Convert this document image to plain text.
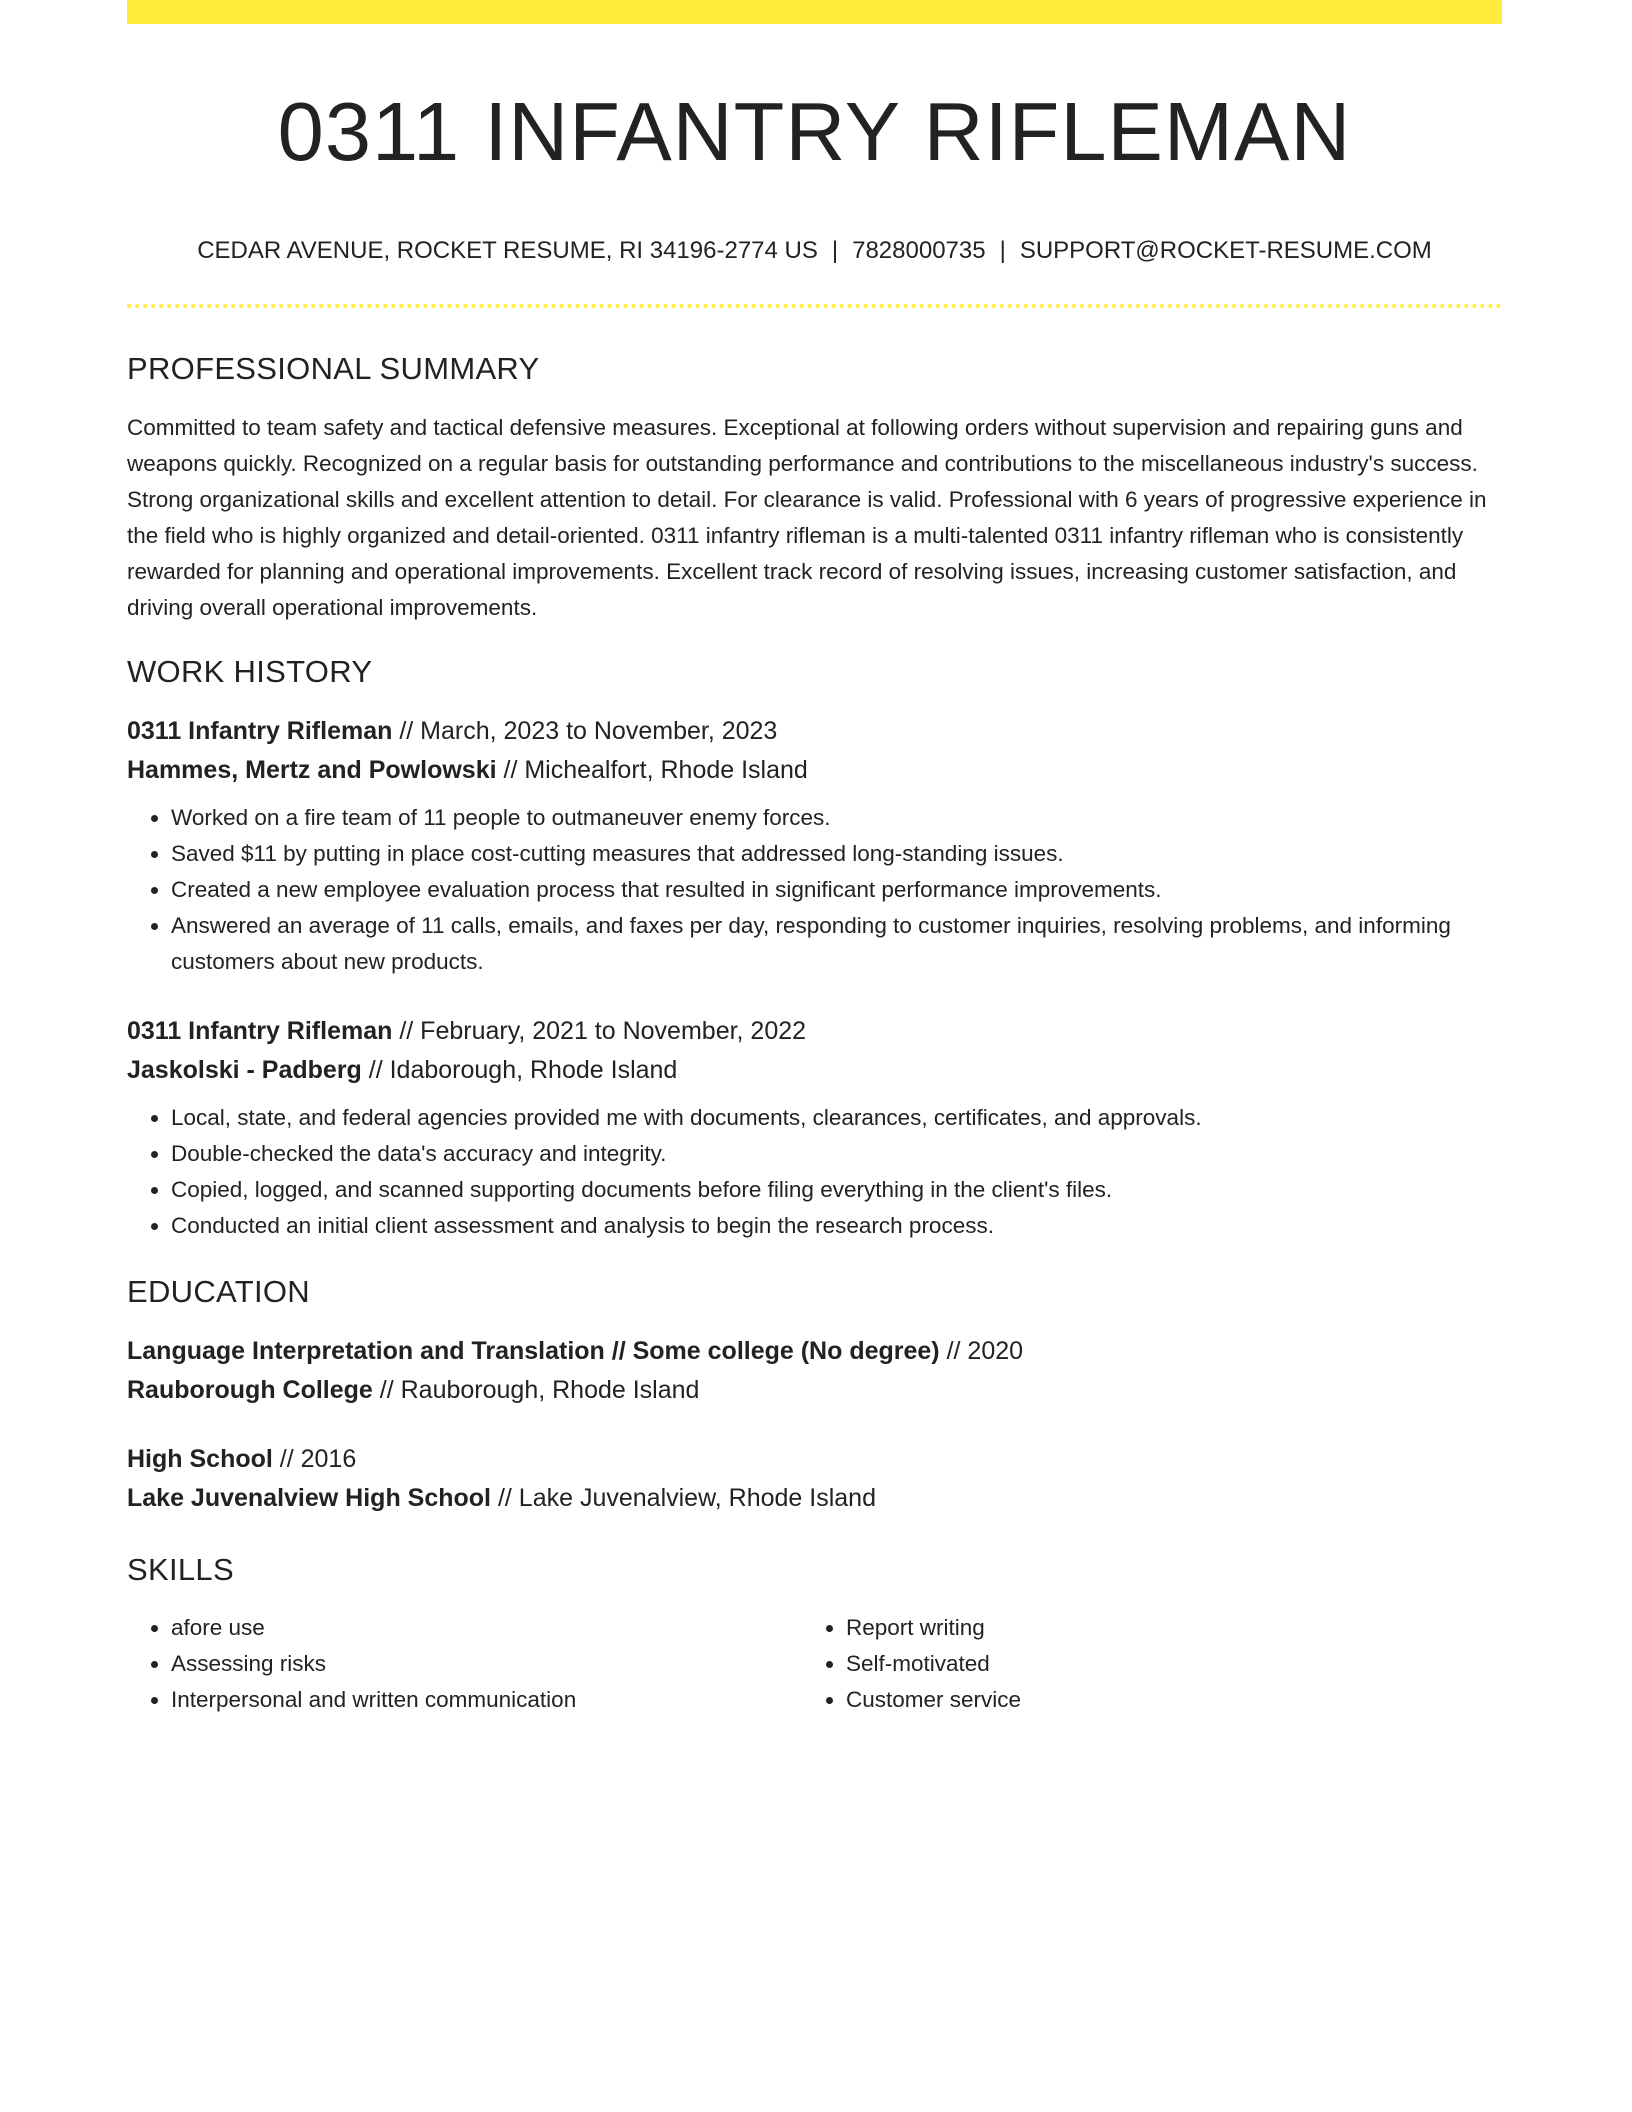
0311 INFANTRY RIFLEMAN
CEDAR AVENUE, ROCKET RESUME, RI 34196-2774 US | 7828000735 | SUPPORT@ROCKET-RESUME.COM
PROFESSIONAL SUMMARY

Committed to team safety and tactical defensive measures. Exceptional at following orders without supervision and repairing guns and weapons quickly. Recognized on a regular basis for outstanding performance and contributions to the miscellaneous industry's success. Strong organizational skills and excellent attention to detail. For clearance is valid. Professional with 6 years of progressive experience in the field who is highly organized and detail-oriented. 0311 infantry rifleman is a multi-talented 0311 infantry rifleman who is consistently rewarded for planning and operational improvements. Excellent track record of resolving issues, increasing customer satisfaction, and driving overall operational improvements.

WORK HISTORY
0311 Infantry Rifleman // March, 2023 to November, 2023
Hammes, Mertz and Powlowski // Michealfort, Rhode Island
• Worked on a fire team of 11 people to outmaneuver enemy forces.
• Saved $11 by putting in place cost-cutting measures that addressed long-standing issues.
• Created a new employee evaluation process that resulted in significant performance improvements.
• Answered an average of 11 calls, emails, and faxes per day, responding to customer inquiries, resolving problems, and informing customers about new products.
0311 Infantry Rifleman // February, 2021 to November, 2022
Jaskolski - Padberg // Idaborough, Rhode Island
• Local, state, and federal agencies provided me with documents, clearances, certificates, and approvals.
• Double-checked the data's accuracy and integrity.
• Copied, logged, and scanned supporting documents before filing everything in the client's files.
• Conducted an initial client assessment and analysis to begin the research process.
EDUCATION
Language Interpretation and Translation // Some college (No degree) // 2020
Rauborough College // Rauborough, Rhode Island
High School // 2016
Lake Juvenalview High School // Lake Juvenalview, Rhode Island
SKILLS
• afore use
• Assessing risks
• Interpersonal and written communication
• Report writing
• Self-motivated
• Customer service
